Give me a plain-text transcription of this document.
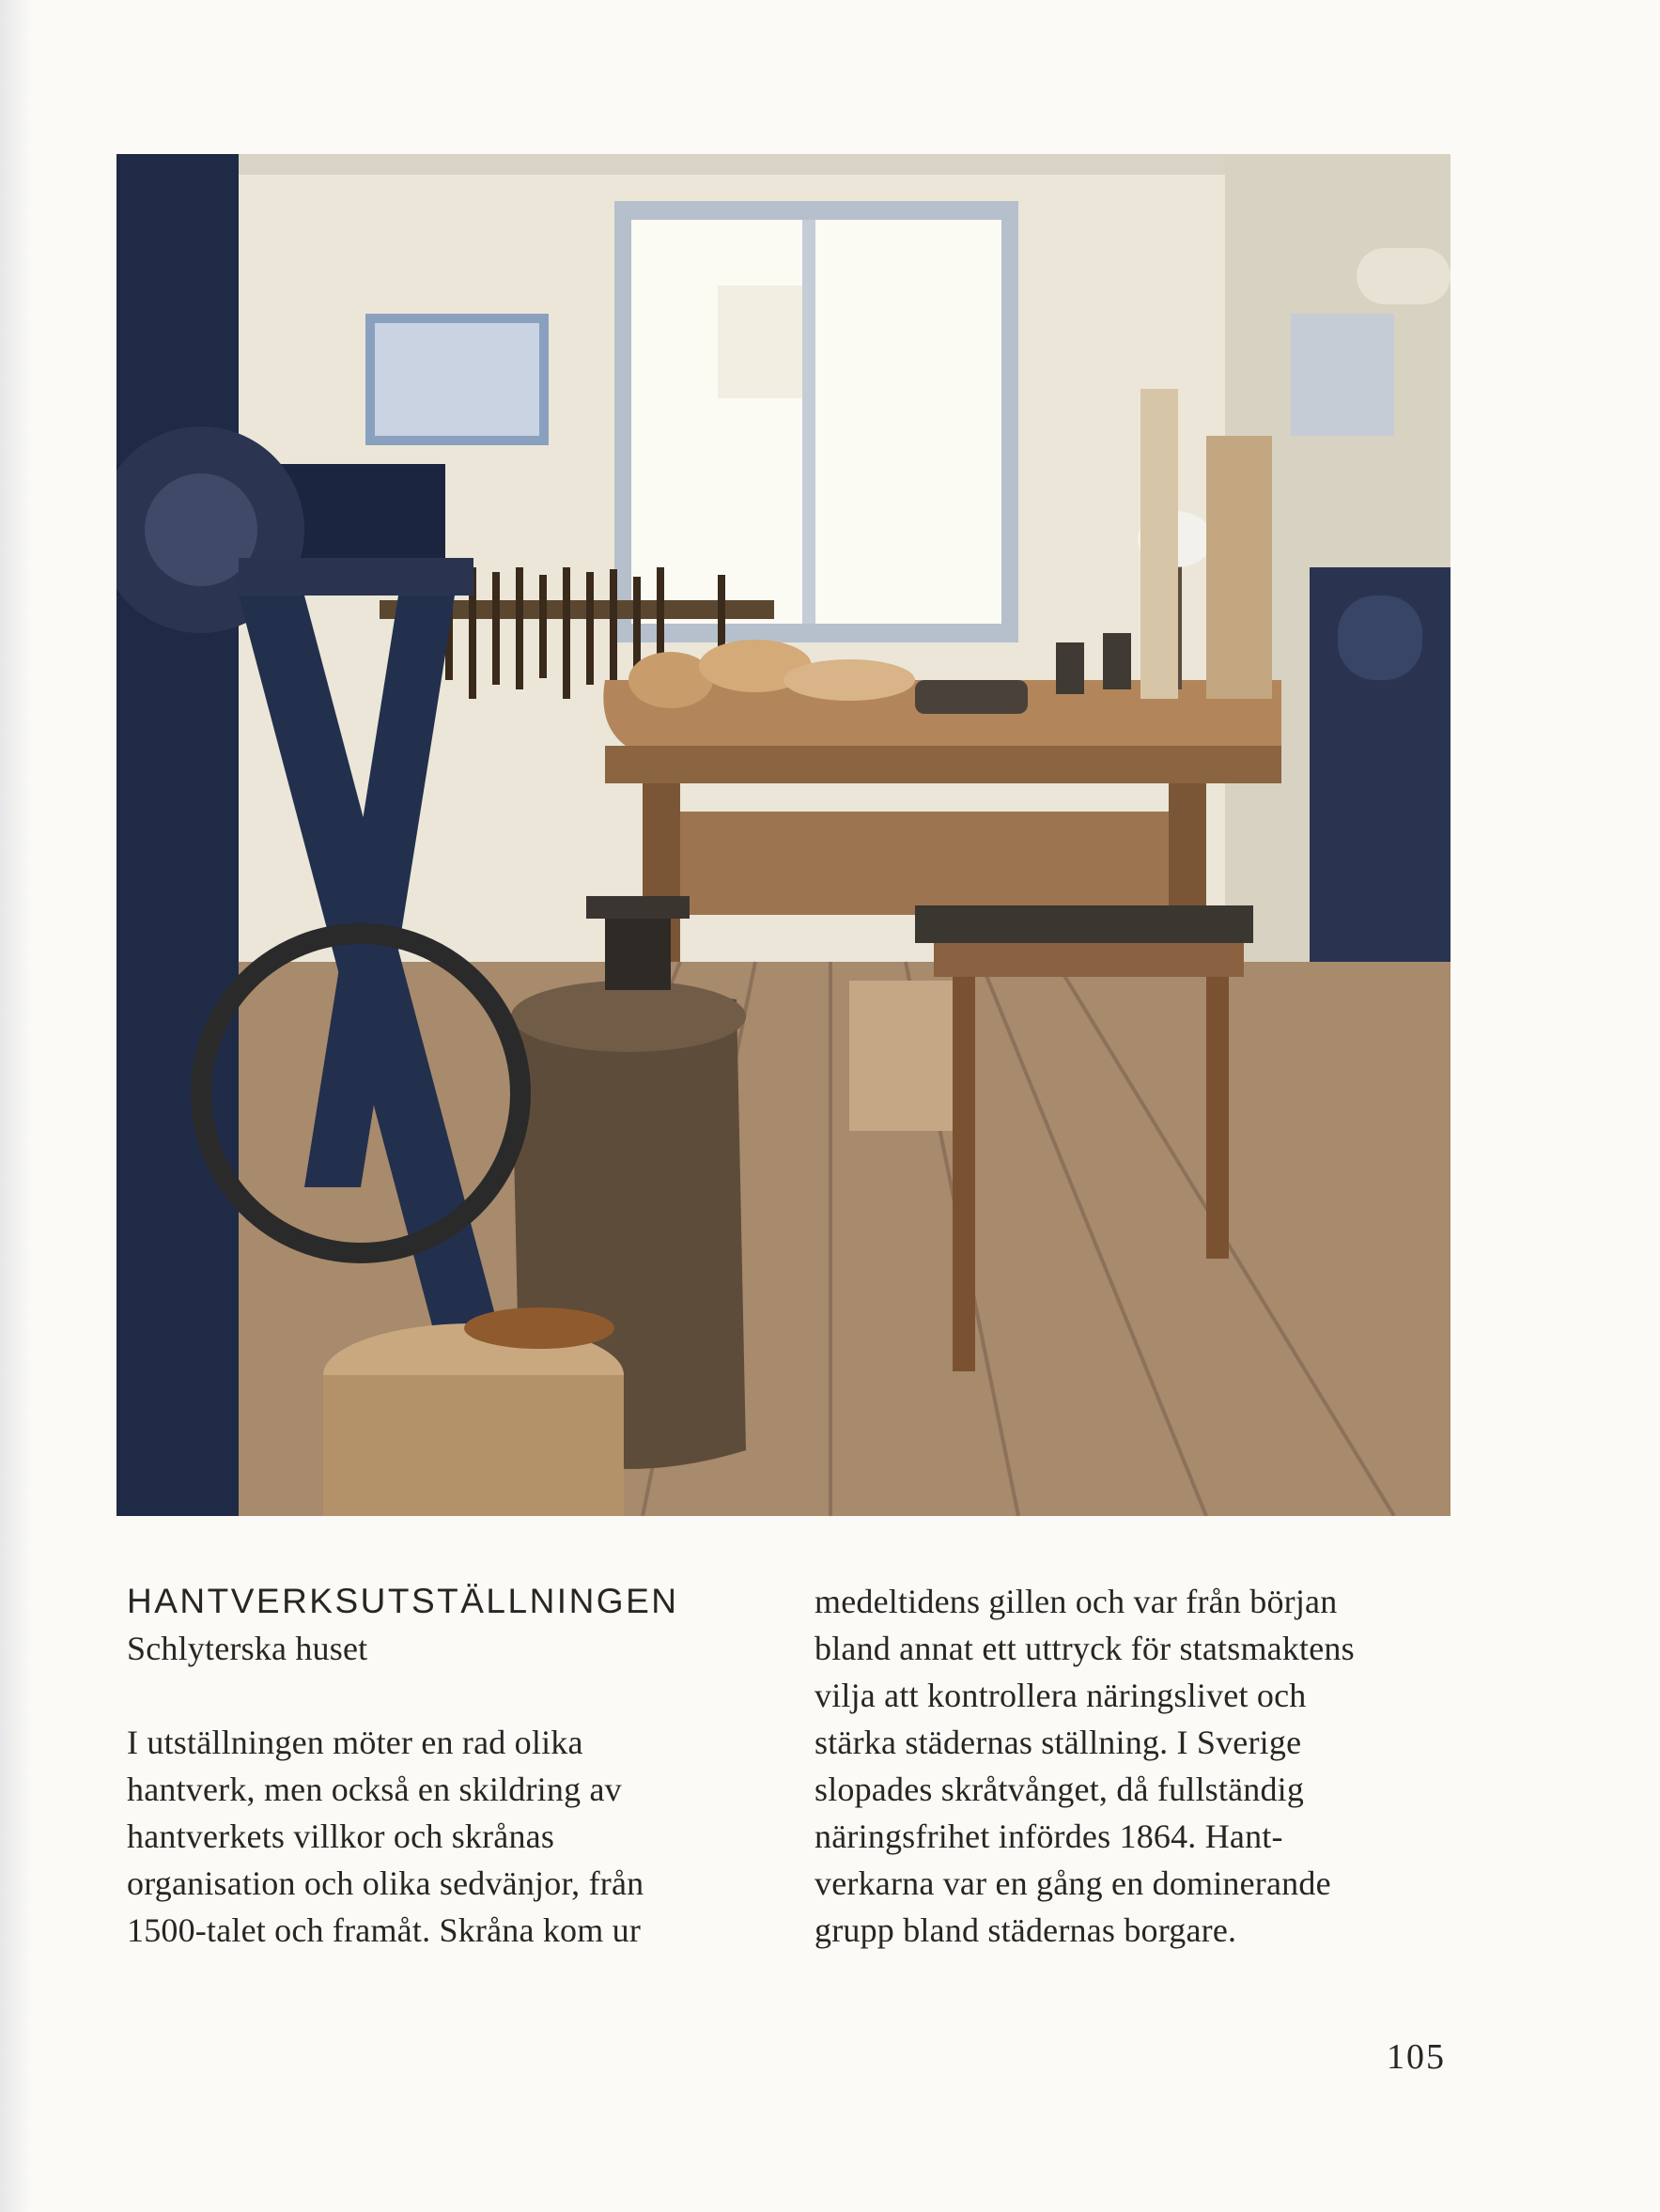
HANTVERKSUTSTÄLLNINGEN

Schlyterska huset

I utställningen möter en rad olika
hantverk, men också en skildring av
hantverkets villkor och skrånas
organisation och olika sedvänjor, från
1500-talet och framåt. Skråna kom ur

medeltidens gillen och var från början
bland annat ett uttryck för statsmaktens
vilja att kontrollera näringslivet och
stärka städernas ställning. I Sverige
slopades skråtvånget, då fullständig
näringsfrihet infördes 1864. Hant-
verkarna var en gång en dominerande
grupp bland städernas borgare.

105
